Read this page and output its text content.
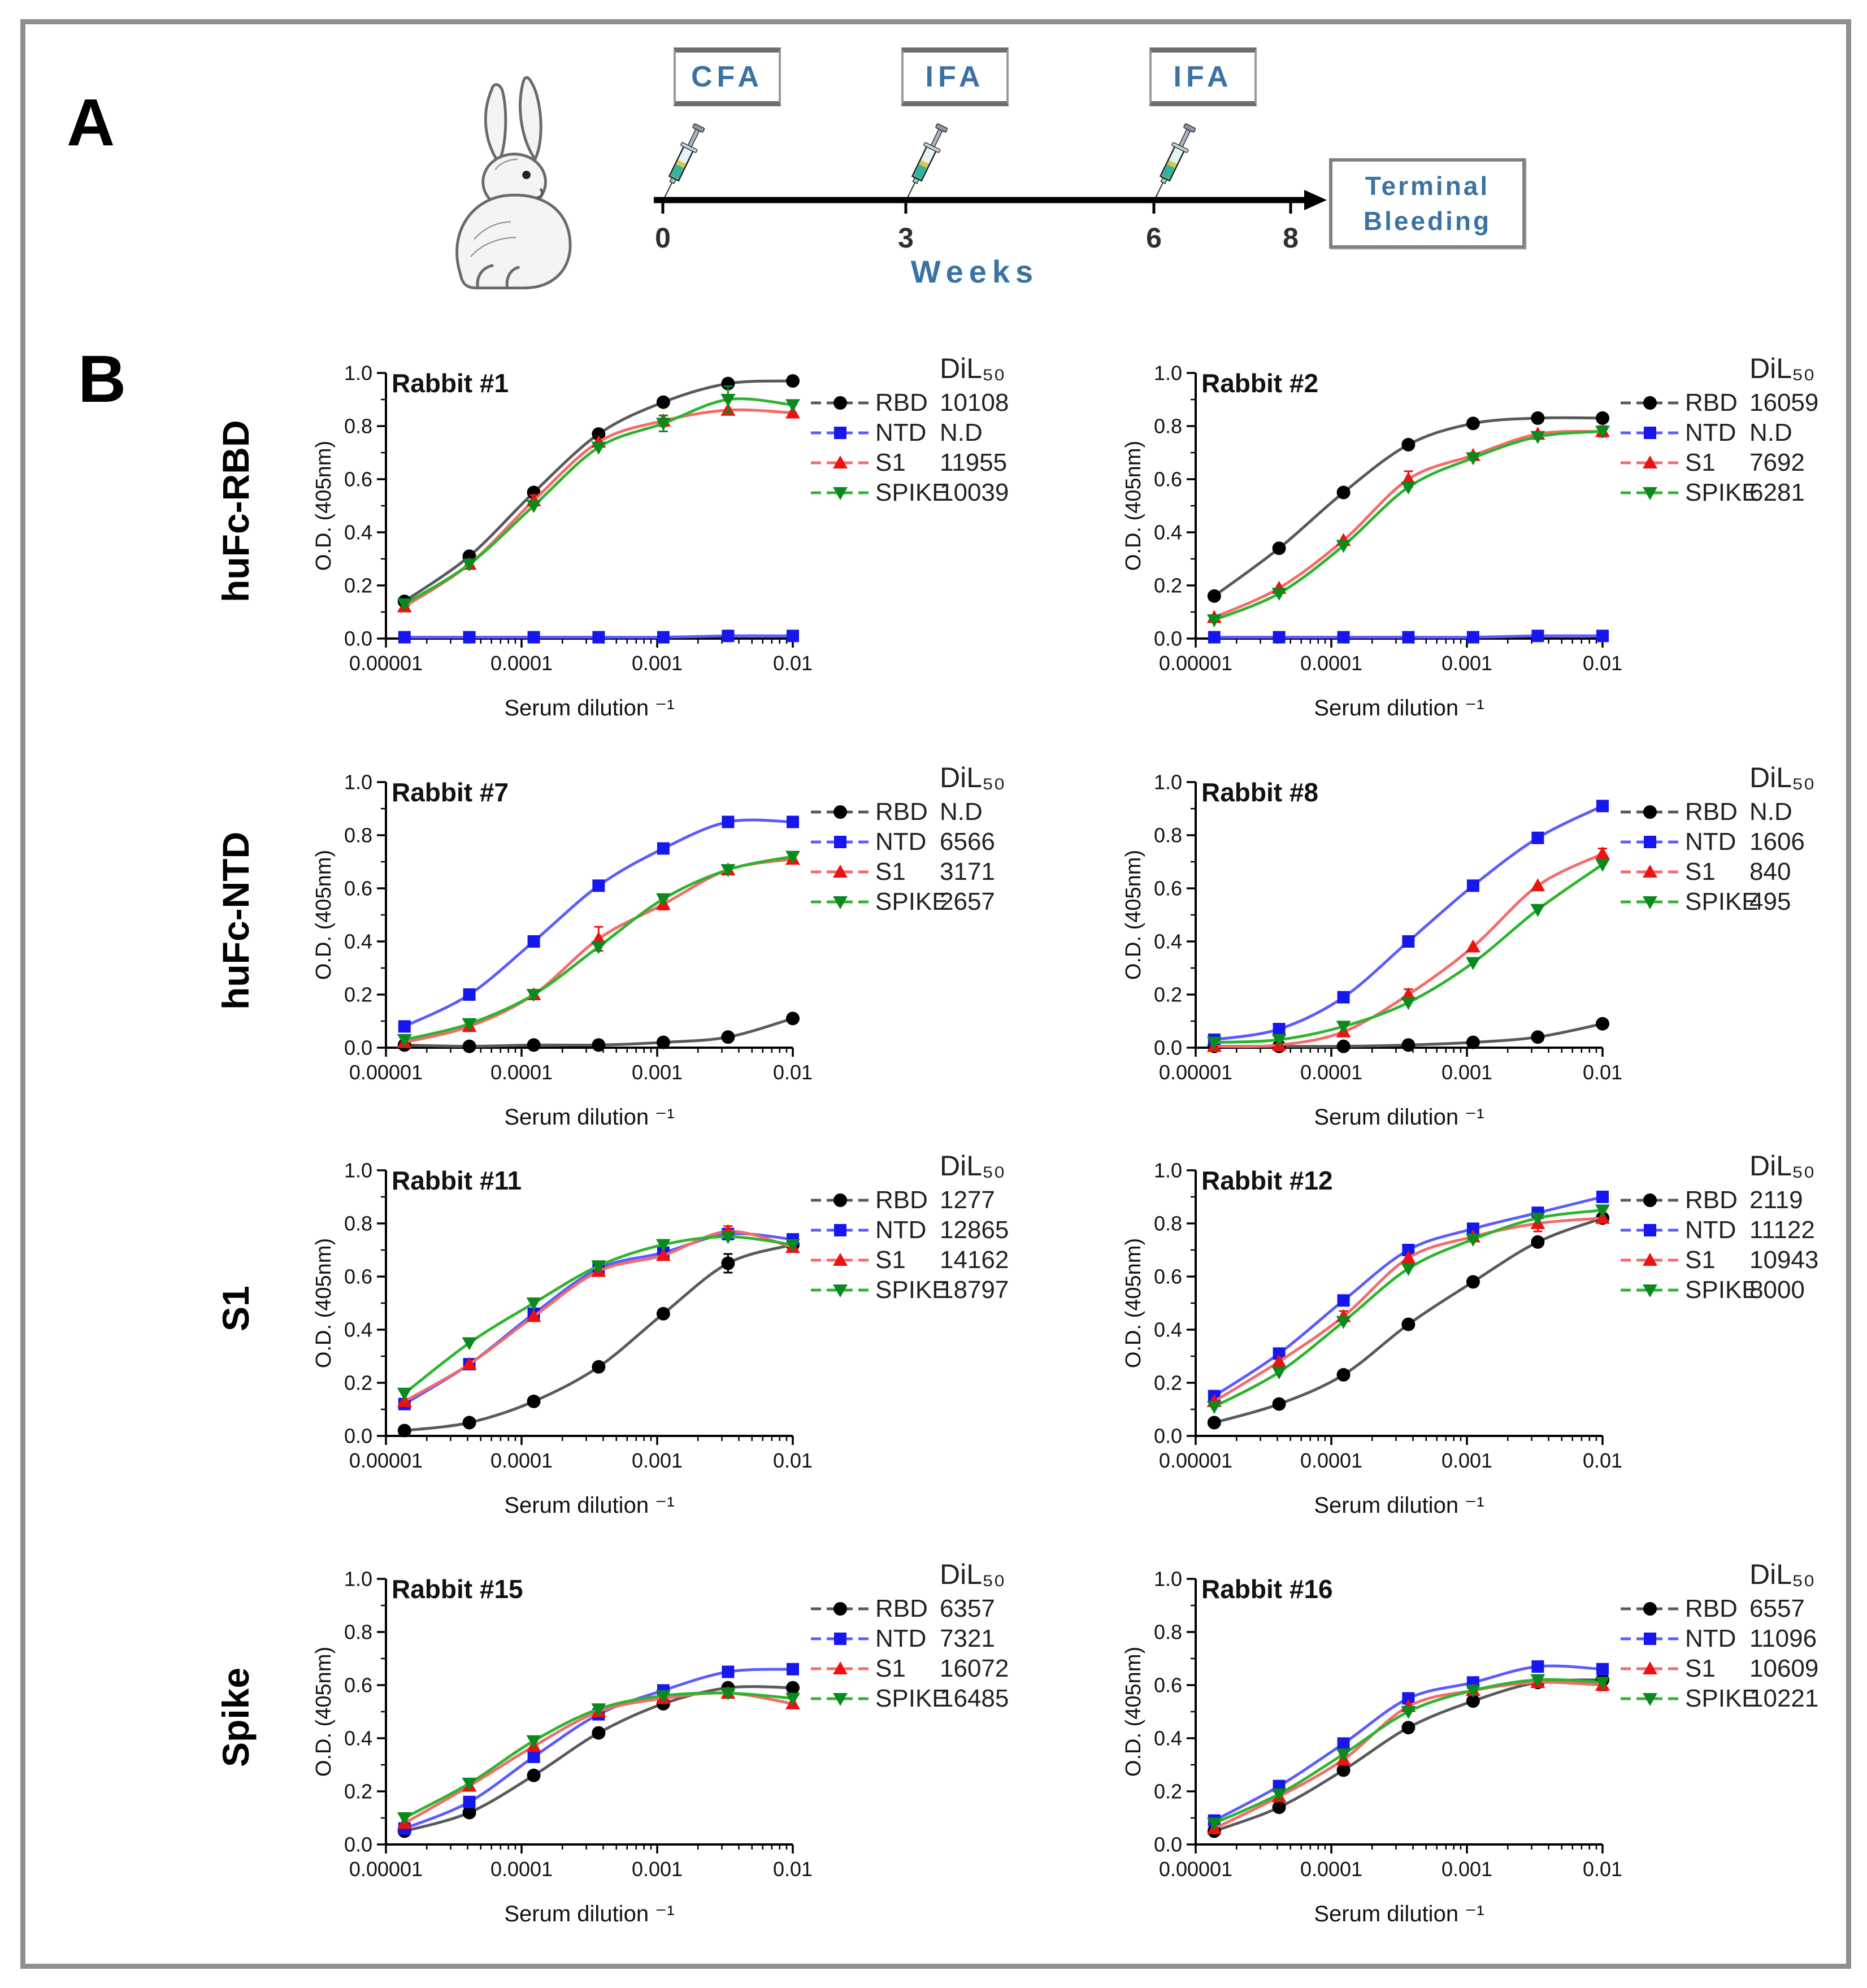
A
CFA	IFA	IFA
0	3	6	8
Terminal
Bleeding
Weeks
B
huFc-RBD
huFc-NTD
S1
Spike
0.0
0.2
0.4
0.6
0.8
1.0
0.00001	0.0001	0.001	0.01
Serum dilution ⁻¹
O.D. (405nm)
Rabbit #1	DiL₅₀
RBD 10108
NTD N.D
S1	11955
SPIKE
10039
0.0
0.2
0.4
0.6
0.8
1.0
0.00001	0.0001	0.001	0.01
Serum dilution ⁻¹
O.D. (405nm)
Rabbit #2	DiL₅₀
RBD 16059
NTD N.D
S1	7692
SPIKE
6281
0.0
0.2
0.4
0.6
0.8
1.0
0.00001	0.0001	0.001	0.01
Serum dilution ⁻¹
O.D. (405nm)
Rabbit #7	DiL₅₀
RBD N.D
NTD 6566
S1	3171
SPIKE
2657
0.0
0.2
0.4
0.6
0.8
1.0
0.00001	0.0001	0.001	0.01
Serum dilution ⁻¹
O.D. (405nm)
Rabbit #8	DiL₅₀
RBD N.D
NTD 1606
S1	840
SPIKE
495
0.0
0.2
0.4
0.6
0.8
1.0
0.00001	0.0001	0.001	0.01
Serum dilution ⁻¹
O.D. (405nm)
Rabbit #11	DiL₅₀
RBD 1277
NTD 12865
S1	14162
SPIKE
18797
0.0
0.2
0.4
0.6
0.8
1.0
0.00001	0.0001	0.001	0.01
Serum dilution ⁻¹
O.D. (405nm)
Rabbit #12	DiL₅₀
RBD 2119
NTD 11122
S1	10943
SPIKE
8000
0.0
0.2
0.4
0.6
0.8
1.0
0.00001	0.0001	0.001	0.01
Serum dilution ⁻¹
O.D. (405nm)
Rabbit #15	DiL₅₀
RBD 6357
NTD 7321
S1	16072
SPIKE
16485
0.0
0.2
0.4
0.6
0.8
1.0
0.00001	0.0001	0.001	0.01
Serum dilution ⁻¹
O.D. (405nm)
Rabbit #16	DiL₅₀
RBD 6557
NTD 11096
S1	10609
SPIKE
10221
